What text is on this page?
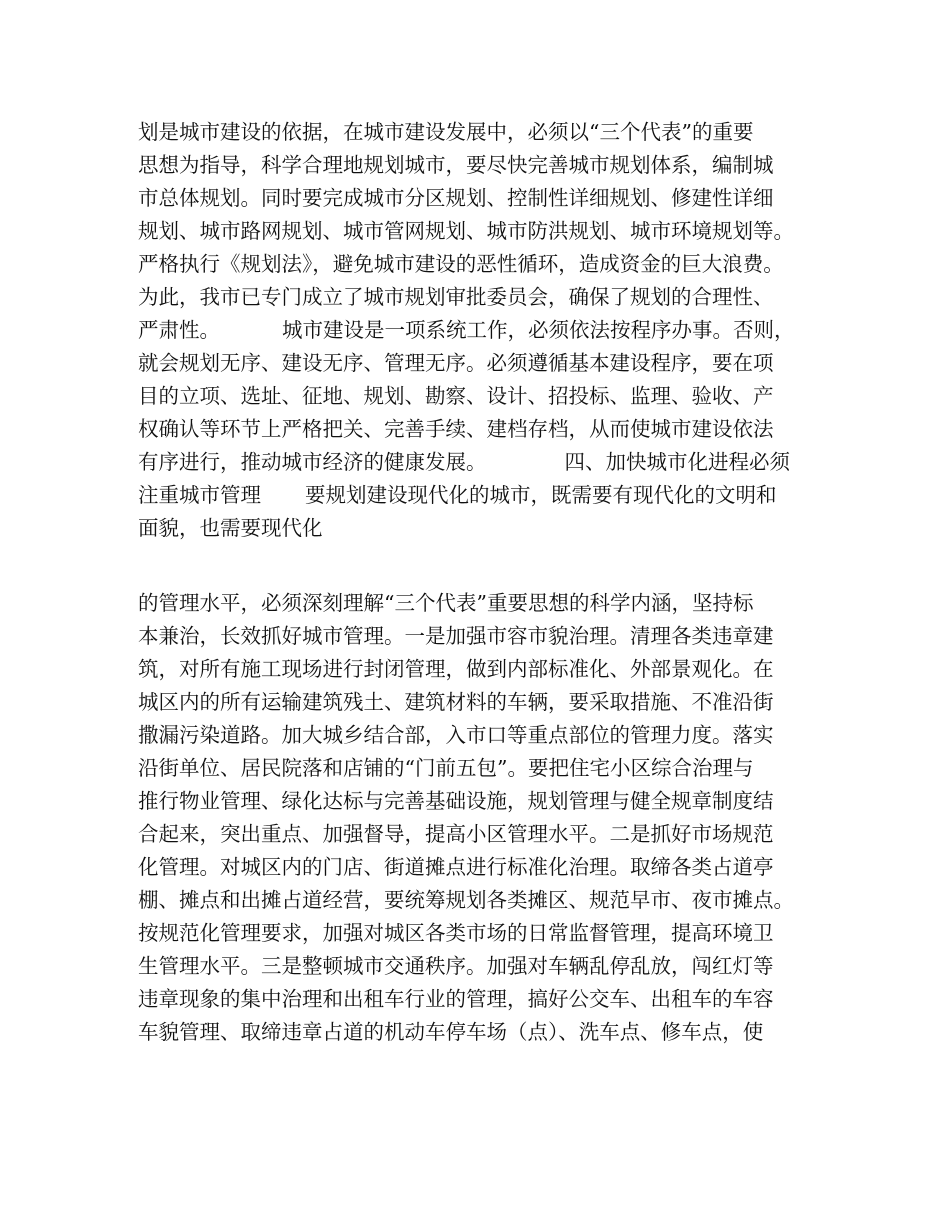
划是城市建设的依据，在城市建设发展中，必须以“三个代表”的重要
思想为指导，科学合理地规划城市，要尽快完善城市规划体系，编制城
市总体规划。同时要完成城市分区规划、控制性详细规划、修建性详细
规划、城市路网规划、城市管网规划、城市防洪规划、城市环境规划等。
严格执行《规划法》，避免城市建设的恶性循环，造成资金的巨大浪费。
为此，我市已专门成立了城市规划审批委员会，确保了规划的合理性、
严肃性。	城市建设是一项系统工作，必须依法按程序办事。否则，
就会规划无序、建设无序、管理无序。必须遵循基本建设程序，要在项
目的立项、选址、征地、规划、勘察、设计、招投标、监理、验收、产
权确认等环节上严格把关、完善手续、建档存档，从而使城市建设依法
有序进行，推动城市经济的健康发展。	四、加快城市化进程必须
注重城市管理 要规划建设现代化的城市，既需要有现代化的文明和
面貌，也需要现代化
的管理水平，必须深刻理解“三个代表”重要思想的科学内涵，坚持标
本兼治，长效抓好城市管理。一是加强市容市貌治理。清理各类违章建
筑，对所有施工现场进行封闭管理，做到内部标准化、外部景观化。在
城区内的所有运输建筑残土、建筑材料的车辆，要采取措施、不准沿街
撒漏污染道路。加大城乡结合部，入市口等重点部位的管理力度。落实
沿街单位、居民院落和店铺的“门前五包”。要把住宅小区综合治理与
推行物业管理、绿化达标与完善基础设施，规划管理与健全规章制度结
合起来，突出重点、加强督导，提高小区管理水平。二是抓好市场规范
化管理。对城区内的门店、街道摊点进行标准化治理。取缔各类占道亭
棚、摊点和出摊占道经营，要统筹规划各类摊区、规范早市、夜市摊点。
按规范化管理要求，加强对城区各类市场的日常监督管理，提高环境卫
生管理水平。三是整顿城市交通秩序。加强对车辆乱停乱放，闯红灯等
违章现象的集中治理和出租车行业的管理，搞好公交车、出租车的车容
车貌管理、取缔违章占道的机动车停车场（点）、洗车点、修车点，使
